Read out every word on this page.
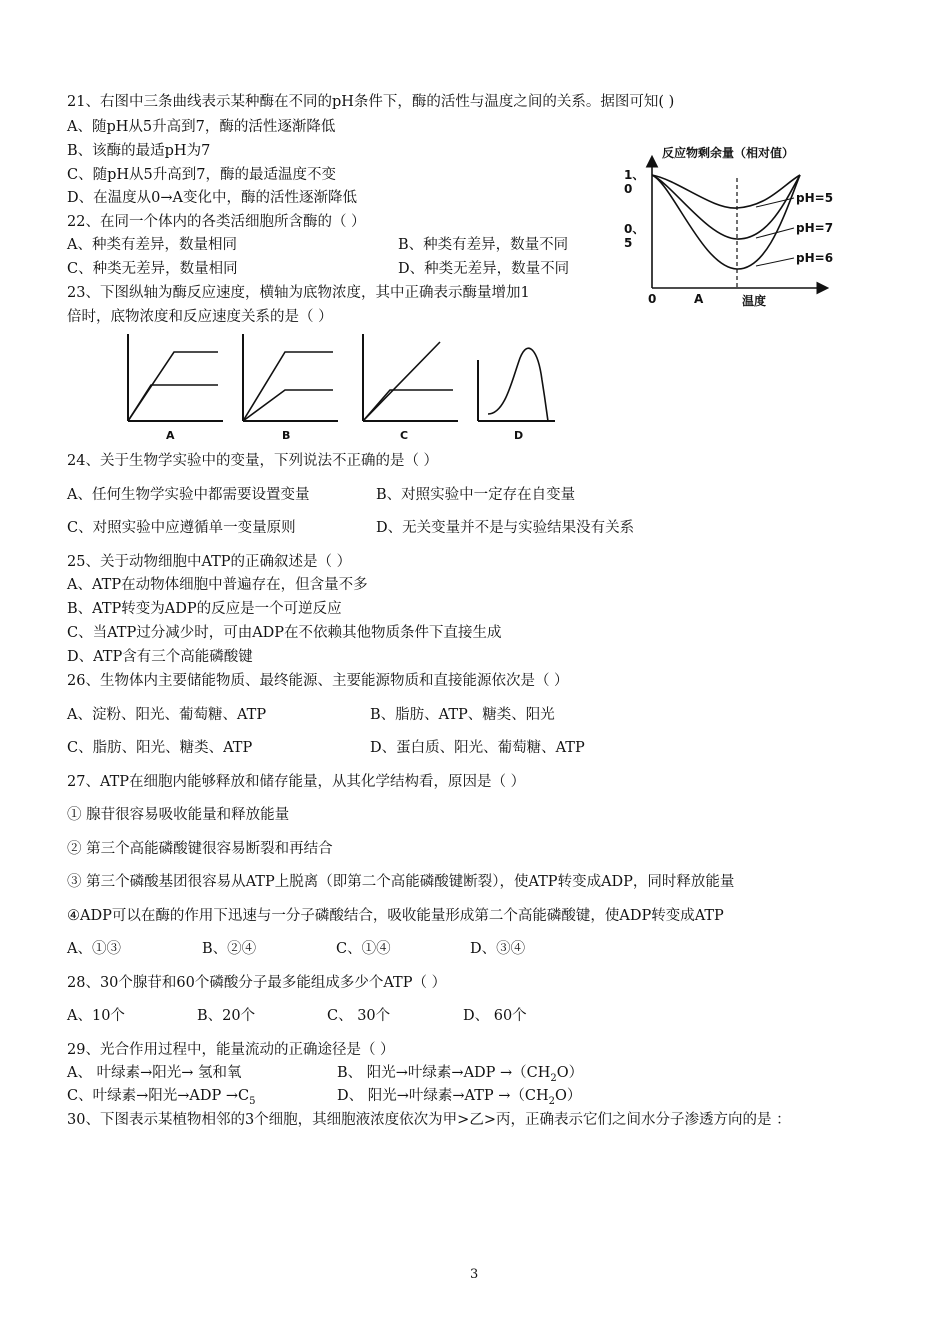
21、右图中三条曲线表示某种酶在不同的pH条件下，酶的活性与温度之间的关系。据图可知( )
A、随pH从5升高到7，酶的活性逐渐降低
B、该酶的最适pH为7
C、随pH从5升高到7，酶的最适温度不变
D、在温度从0→A变化中，酶的活性逐渐降低
反应物剩余量（相对值）
1、0
0、5
0	A	温度
pH=5
pH=7
pH=6
22、在同一个体内的各类活细胞所含酶的（ ）
A、种类有差异，数量相同	B、种类有差异，数量不同
C、种类无差异，数量相同	D、种类无差异，数量不同
23、下图纵轴为酶反应速度，横轴为底物浓度，其中正确表示酶量增加1
倍时，底物浓度和反应速度关系的是（ ）
A	B	C	D
24、关于生物学实验中的变量，下列说法不正确的是（ ）
A、任何生物学实验中都需要设置变量	B、对照实验中一定存在自变量
C、对照实验中应遵循单一变量原则	D、无关变量并不是与实验结果没有关系
25、关于动物细胞中ATP的正确叙述是（ ）
A、ATP在动物体细胞中普遍存在，但含量不多
B、ATP转变为ADP的反应是一个可逆反应
C、当ATP过分减少时，可由ADP在不依赖其他物质条件下直接生成
D、ATP含有三个高能磷酸键
26、生物体内主要储能物质、最终能源、主要能源物质和直接能源依次是（ ）
A、淀粉、阳光、葡萄糖、ATP	B、脂肪、ATP、糖类、阳光
C、脂肪、阳光、糖类、ATP	D、蛋白质、阳光、葡萄糖、ATP
27、ATP在细胞内能够释放和储存能量，从其化学结构看，原因是（ ）
① 腺苷很容易吸收能量和释放能量
② 第三个高能磷酸键很容易断裂和再结合
③ 第三个磷酸基团很容易从ATP上脱离（即第二个高能磷酸键断裂），使ATP转变成ADP，同时释放能量
④ADP可以在酶的作用下迅速与一分子磷酸结合，吸收能量形成第二个高能磷酸键，使ADP转变成ATP
A、①③	B、②④	C、①④	D、③④
28、30个腺苷和60个磷酸分子最多能组成多少个ATP（ ）
A、10个	B、20个	C、 30个	D、 60个
29、光合作用过程中，能量流动的正确途径是（ ）
A、 叶绿素→阳光→ 氢和氧	B、 阳光→叶绿素$\to ADP \to(CH_2O)$
C、叶绿素→阳光$\to ADP \to C_5$	D、 阳光→叶绿素$\to ATP \to(CH_2O)$
30、下图表示某植物相邻的3个细胞，其细胞液浓度依次为甲>乙>丙，正确表示它们之间水分子渗透方向的是 ：
3
